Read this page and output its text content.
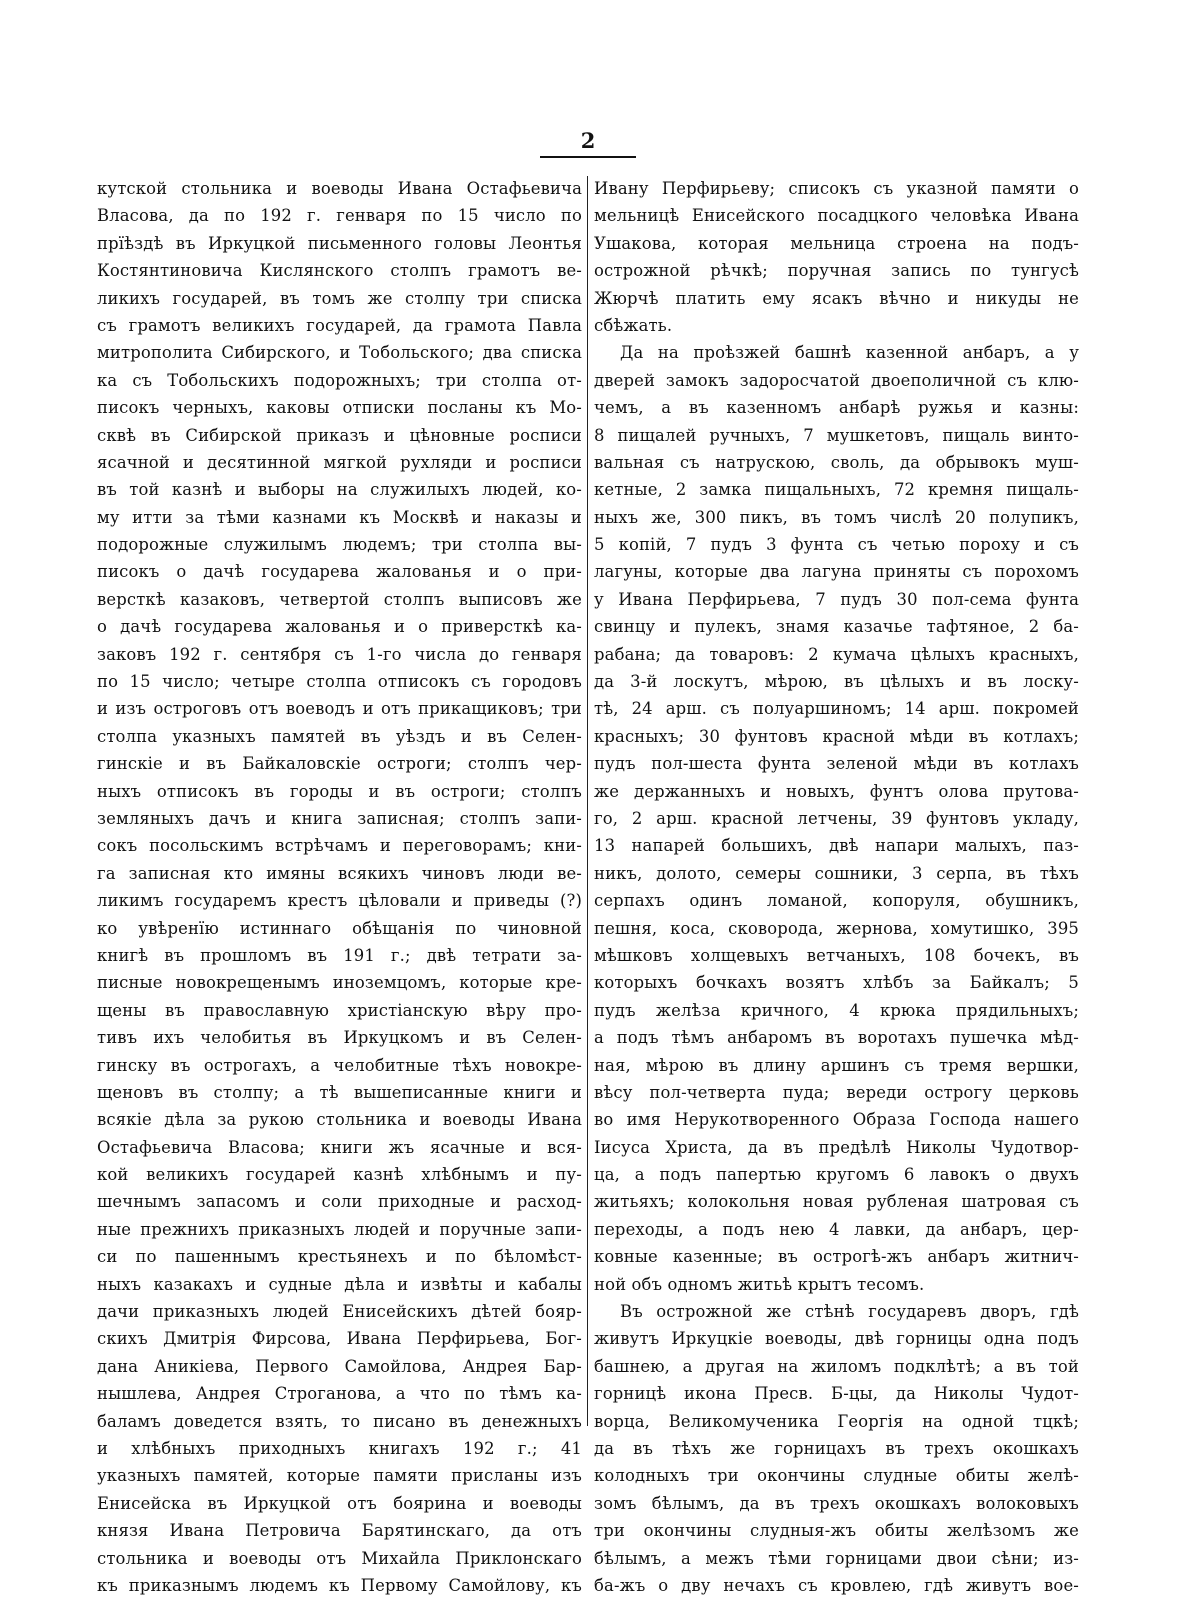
2
кутской стольника и воеводы Ивана Остафьевича
Власова, да по 192 г. генваря по 15 число по
прїѣздѣ въ Иркуцкой письменного головы Леонтья
Костянтиновича Кислянского столпъ грамотъ ве-
ликихъ государей, въ томъ же столпу три списка
съ грамотъ великихъ государей, да грамота Павла
митрополита Сибирского, и Тобольского; два списка
ка съ Тобольскихъ подорожныхъ; три столпа от-
писокъ черныхъ, каковы отписки посланы къ Мо-
сквѣ въ Сибирской приказъ и цѣновные росписи
ясачной и десятинной мягкой рухляди и росписи
въ той казнѣ и выборы на служилыхъ людей, ко-
му итти за тѣми казнами къ Москвѣ и наказы и
подорожные служилымъ людемъ; три столпа вы-
писокъ о дачѣ государева жалованья и о при-
версткѣ казаковъ, четвертой столпъ выписовъ же
о дачѣ государева жалованья и о приверсткѣ ка-
заковъ 192 г. сентября съ 1-го числа до генваря
по 15 число; четыре столпа отписокъ съ городовъ
и изъ остроговъ отъ воеводъ и отъ прикащиковъ; три
столпа указныхъ памятей въ уѣздъ и въ Селен-
гинскіе и въ Байкаловскіе остроги; столпъ чер-
ныхъ отписокъ въ городы и въ остроги; столпъ
земляныхъ дачъ и книга записная; столпъ запи-
сокъ посольскимъ встрѣчамъ и переговорамъ; кни-
га записная кто имяны всякихъ чиновъ люди ве-
ликимъ государемъ крестъ цѣловали и приведы (?)
ко увѣренїю истиннаго обѣщанія по чиновной
книгѣ въ прошломъ въ 191 г.; двѣ тетрати за-
писные новокрещенымъ иноземцомъ, которые кре-
щены въ православную христіанскую вѣру про-
тивъ ихъ челобитья въ Иркуцкомъ и въ Селен-
гинску въ острогахъ, а челобитные тѣхъ новокре-
щеновъ въ столпу; а тѣ вышеписанные книги и
всякіе дѣла за рукою стольника и воеводы Ивана
Остафьевича Власова; книги жъ ясачные и вся-
кой великихъ государей казнѣ хлѣбнымъ и пу-
шечнымъ запасомъ и соли приходные и расход-
ные прежнихъ приказныхъ людей и поручные запи-
си по пашеннымъ крестьянехъ и по бѣломѣст-
ныхъ казакахъ и судные дѣла и извѣты и кабалы
дачи приказныхъ людей Енисейскихъ дѣтей бояр-
скихъ Дмитрія Фирсова, Ивана Перфирьева, Бог-
дана Аникіева, Первого Самойлова, Андрея Бар-
нышлева, Андрея Строганова, а что по тѣмъ ка-
баламъ доведется взять, то писано въ денежныхъ
и хлѣбныхъ приходныхъ книгахъ 192 г.; 41
указныхъ памятей, которые памяти присланы изъ
Енисейска въ Иркуцкой отъ боярина и воеводы
князя Ивана Петровича Барятинскаго, да отъ
стольника и воеводы отъ Михайла Приклонскаго
къ приказнымъ людемъ къ Первому Самойлову, къ
Ивану Перфирьеву; списокъ съ указной памяти о
мельницѣ Енисейского посадцкого человѣка Ивана
Ушакова, которая мельница строена на подъ-
острожной рѣчкѣ; поручная запись по тунгусѣ
Жюрчѣ платить ему ясакъ вѣчно и никуды не
сбѣжать.
Да на проѣзжей башнѣ казенной анбаръ, а у
дверей замокъ задоросчатой двоеполичной съ клю-
чемъ, а въ казенномъ анбарѣ ружья и казны:
8 пищалей ручныхъ, 7 мушкетовъ, пищаль винто-
вальная съ натрускою, своль, да обрывокъ муш-
кетные, 2 замка пищальныхъ, 72 кремня пищаль-
ныхъ же, 300 пикъ, въ томъ числѣ 20 полупикъ,
5 копій, 7 пудъ 3 фунта съ четью пороху и съ
лагуны, которые два лагуна приняты съ порохомъ
у Ивана Перфирьева, 7 пудъ 30 пол-сема фунта
свинцу и пулекъ, знамя казачье тафтяное, 2 ба-
рабана; да товаровъ: 2 кумача цѣлыхъ красныхъ,
да 3-й лоскутъ, мѣрою, въ цѣлыхъ и въ лоску-
тѣ, 24 арш. съ полуаршиномъ; 14 арш. покромей
красныхъ; 30 фунтовъ красной мѣди въ котлахъ;
пудъ пол-шеста фунта зеленой мѣди въ котлахъ
же держанныхъ и новыхъ, фунтъ олова прутова-
го, 2 арш. красной летчены, 39 фунтовъ укладу,
13 напарей большихъ, двѣ напари малыхъ, паз-
никъ, долото, семеры сошники, 3 серпа, въ тѣхъ
серпахъ одинъ ломаной, копоруля, обушникъ,
пешня, коса, сковорода, жернова, хомутишко, 395
мѣшковъ холщевыхъ ветчаныхъ, 108 бочекъ, въ
которыхъ бочкахъ возятъ хлѣбъ за Байкалъ; 5
пудъ желѣза кричного, 4 крюка прядильныхъ;
а подъ тѣмъ анбаромъ въ воротахъ пушечка мѣд-
ная, мѣрою въ длину аршинъ съ тремя вершки,
вѣсу пол-четверта пуда; вереди острогу церковь
во имя Нерукотворенного Образа Господа нашего
Іисуса Христа, да въ предѣлѣ Николы Чудотвор-
ца, а подъ папертью кругомъ 6 лавокъ о двухъ
житьяхъ; колокольня новая рубленая шатровая съ
переходы, а подъ нею 4 лавки, да анбаръ, цер-
ковные казенные; въ острогѣ-жъ анбаръ житнич-
ной объ одномъ житьѣ крытъ тесомъ.
Въ острожной же стѣнѣ государевъ дворъ, гдѣ
живутъ Иркуцкіе воеводы, двѣ горницы одна подъ
башнею, а другая на жиломъ подклѣтѣ; а въ той
горницѣ икона Пресв. Б-цы, да Николы Чудот-
ворца, Великомученика Георгія на одной тцкѣ;
да въ тѣхъ же горницахъ въ трехъ окошкахъ
колодныхъ три окончины слудные обиты желѣ-
зомъ бѣлымъ, да въ трехъ окошкахъ волоковыхъ
три окончины слудныя-жъ обиты желѣзомъ же
бѣлымъ, а межъ тѣми горницами двои сѣни; из-
ба-жъ о дву нечахъ съ кровлею, гдѣ живутъ вое-
